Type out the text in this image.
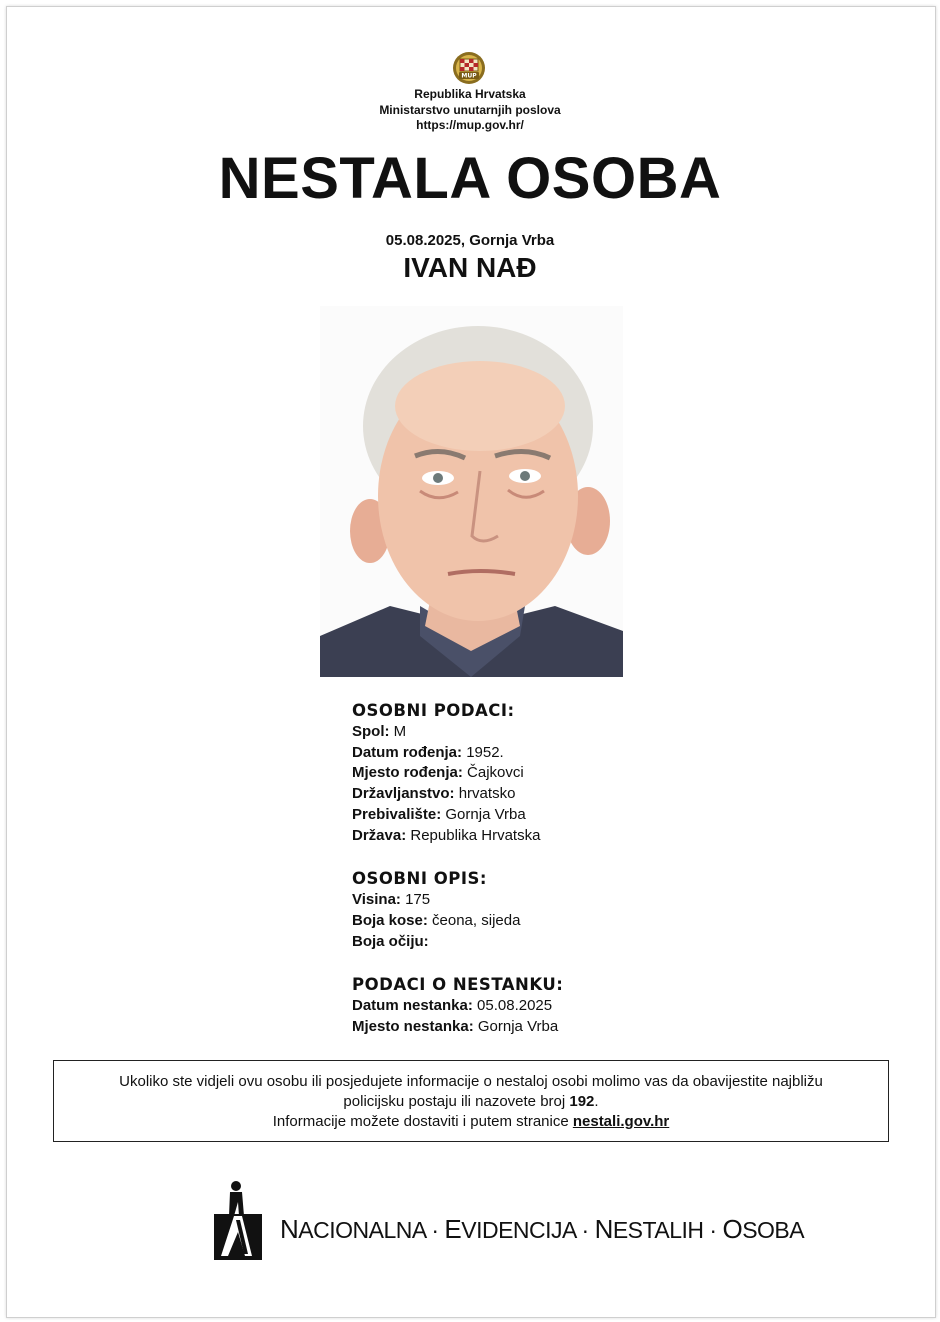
MUP
Republika Hrvatska
Ministarstvo unutarnjih poslova
https://mup.gov.hr/
NESTALA OSOBA
05.08.2025, Gornja Vrba
IVAN NAĐ
OSOBNI PODACI:
Spol: M
Datum rođenja: 1952.
Mjesto rođenja: Čajkovci
Državljanstvo: hrvatsko
Prebivalište: Gornja Vrba
Država: Republika Hrvatska
OSOBNI OPIS:
Visina: 175
Boja kose: čeona, sijeda
Boja očiju:
PODACI O NESTANKU:
Datum nestanka: 05.08.2025
Mjesto nestanka: Gornja Vrba
Ukoliko ste vidjeli ovu osobu ili posjedujete informacije o nestaloj osobi molimo vas da obavijestite najbližu
policijsku postaju ili nazovete broj 192.
Informacije možete dostaviti i putem stranice nestali.gov.hr
NACIONALNA · EVIDENCIJA · NESTALIH · OSOBA
